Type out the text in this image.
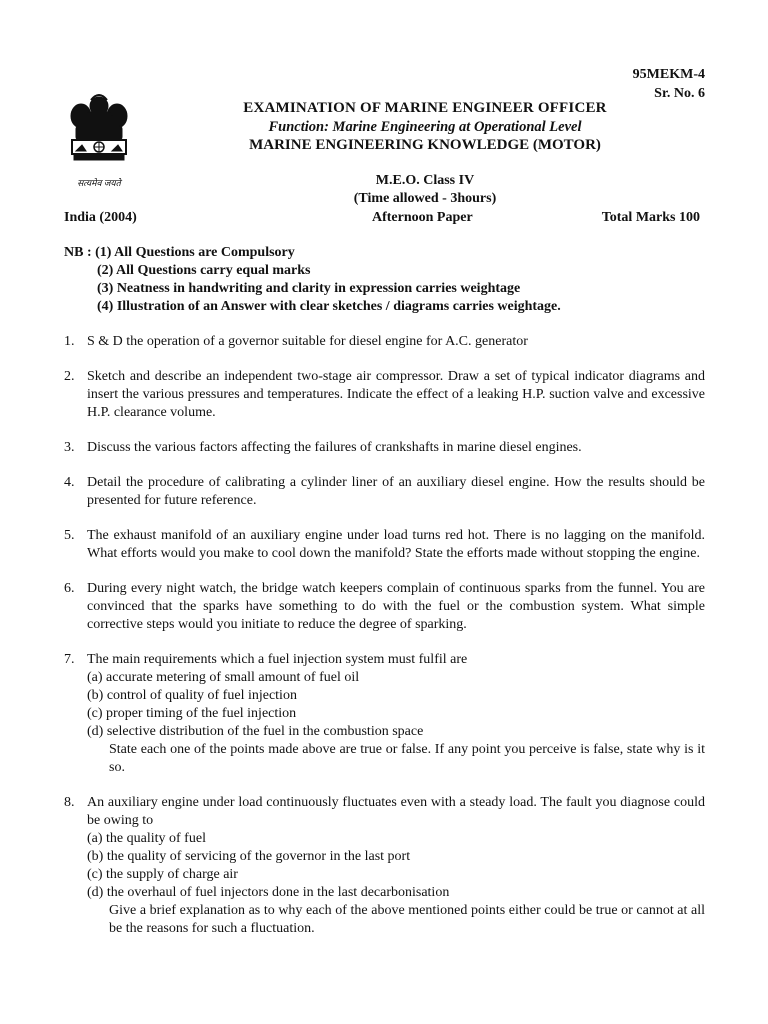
95MEKM-4
Sr. No. 6
सत्यमेव जयते
EXAMINATION OF MARINE ENGINEER OFFICER
Function: Marine Engineering at Operational Level
MARINE ENGINEERING KNOWLEDGE (MOTOR)
M.E.O. Class IV
(Time allowed - 3hours)
India (2004)	Afternoon Paper	Total Marks 100
NB : (1) All Questions are Compulsory
(2) All Questions carry equal marks
(3) Neatness in handwriting and clarity in expression carries weightage
(4) Illustration of an Answer with clear sketches / diagrams carries weightage.
1. S & D the operation of a governor suitable for diesel engine for A.C. generator
2. Sketch and describe an independent two-stage air compressor. Draw a set of typical indicator diagrams and insert the various pressures and temperatures. Indicate the effect of a leaking H.P. suction valve and excessive H.P. clearance volume.
3. Discuss the various factors affecting the failures of crankshafts in marine diesel engines.
4. Detail the procedure of calibrating a cylinder liner of an auxiliary diesel engine. How the results should be presented for future reference.
5. The exhaust manifold of an auxiliary engine under load turns red hot. There is no lagging on the manifold. What efforts would you make to cool down the manifold? State the efforts made without stopping the engine.
6. During every night watch, the bridge watch keepers complain of continuous sparks from the funnel. You are convinced that the sparks have something to do with the fuel or the combustion system. What simple corrective steps would you initiate to reduce the degree of sparking.
7. The main requirements which a fuel injection system must fulfil are
(a) accurate metering of small amount of fuel oil
(b) control of quality of fuel injection
(c) proper timing of the fuel injection
(d) selective distribution of the fuel in the combustion space
State each one of the points made above are true or false. If any point you perceive is false, state why is it so.
8. An auxiliary engine under load continuously fluctuates even with a steady load. The fault you diagnose could be owing to
(a) the quality of fuel
(b) the quality of servicing of the governor in the last port
(c) the supply of charge air
(d) the overhaul of fuel injectors done in the last decarbonisation
Give a brief explanation as to why each of the above mentioned points either could be true or cannot at all be the reasons for such a fluctuation.
